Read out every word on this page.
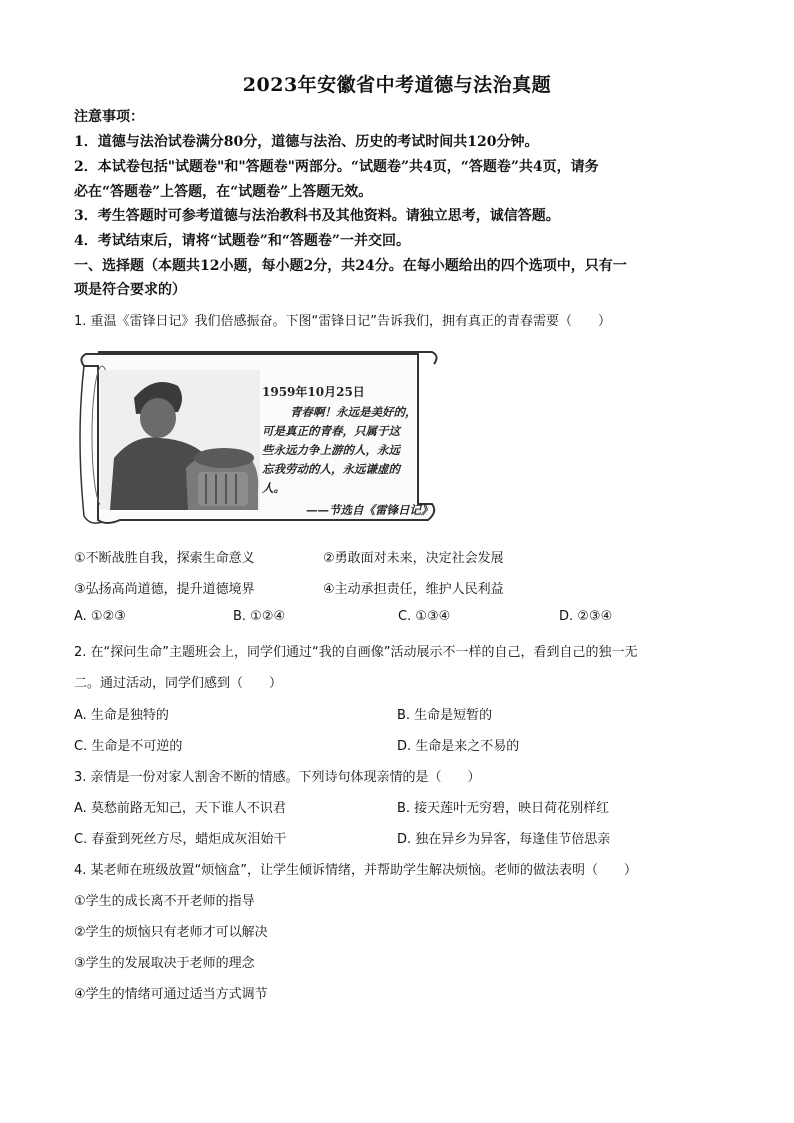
2023年安徽省中考道德与法治真题
注意事项：
1．道德与法治试卷满分80分，道德与法治、历史的考试时间共120分钟。
2．本试卷包括"试题卷"和"答题卷"两部分。“试题卷”共4页，“答题卷”共4页，请务
必在“答题卷”上答题，在“试题卷”上答题无效。
3．考生答题时可参考道德与法治教科书及其他资料。请独立思考，诚信答题。
4．考试结束后，请将“试题卷”和“答题卷”一并交回。
一、选择题（本题共12小题，每小题2分，共24分。在每小题给出的四个选项中，只有一
项是符合要求的）
1. 重温《雷锋日记》我们倍感振奋。下图“雷锋日记”告诉我们，拥有真正的青春需要（　　）
1959年10月25日
青春啊！永远是美好的，
可是真正的青春，只属于这
些永远力争上游的人，永远
忘我劳动的人，永远谦虚的
人。
——节选自《雷锋日记》
①不断战胜自我，探索生命意义	②勇敢面对未来，决定社会发展
③弘扬高尚道德，提升道德境界	④主动承担责任，维护人民利益
A. ①②③	B. ①②④	C. ①③④	D. ②③④
2. 在“探问生命”主题班会上，同学们通过“我的自画像”活动展示不一样的自己，看到自己的独一无
二。通过活动，同学们感到（　　）
A. 生命是独特的	B. 生命是短暂的
C. 生命是不可逆的	D. 生命是来之不易的
3. 亲情是一份对家人割舍不断的情感。下列诗句体现亲情的是（　　）
A. 莫愁前路无知己，天下谁人不识君	B. 接天莲叶无穷碧，映日荷花别样红
C. 春蚕到死丝方尽，蜡炬成灰泪始干	D. 独在异乡为异客，每逢佳节倍思亲
4. 某老师在班级放置“烦恼盒”，让学生倾诉情绪，并帮助学生解决烦恼。老师的做法表明（　　）
①学生的成长离不开老师的指导
②学生的烦恼只有老师才可以解决
③学生的发展取决于老师的理念
④学生的情绪可通过适当方式调节
